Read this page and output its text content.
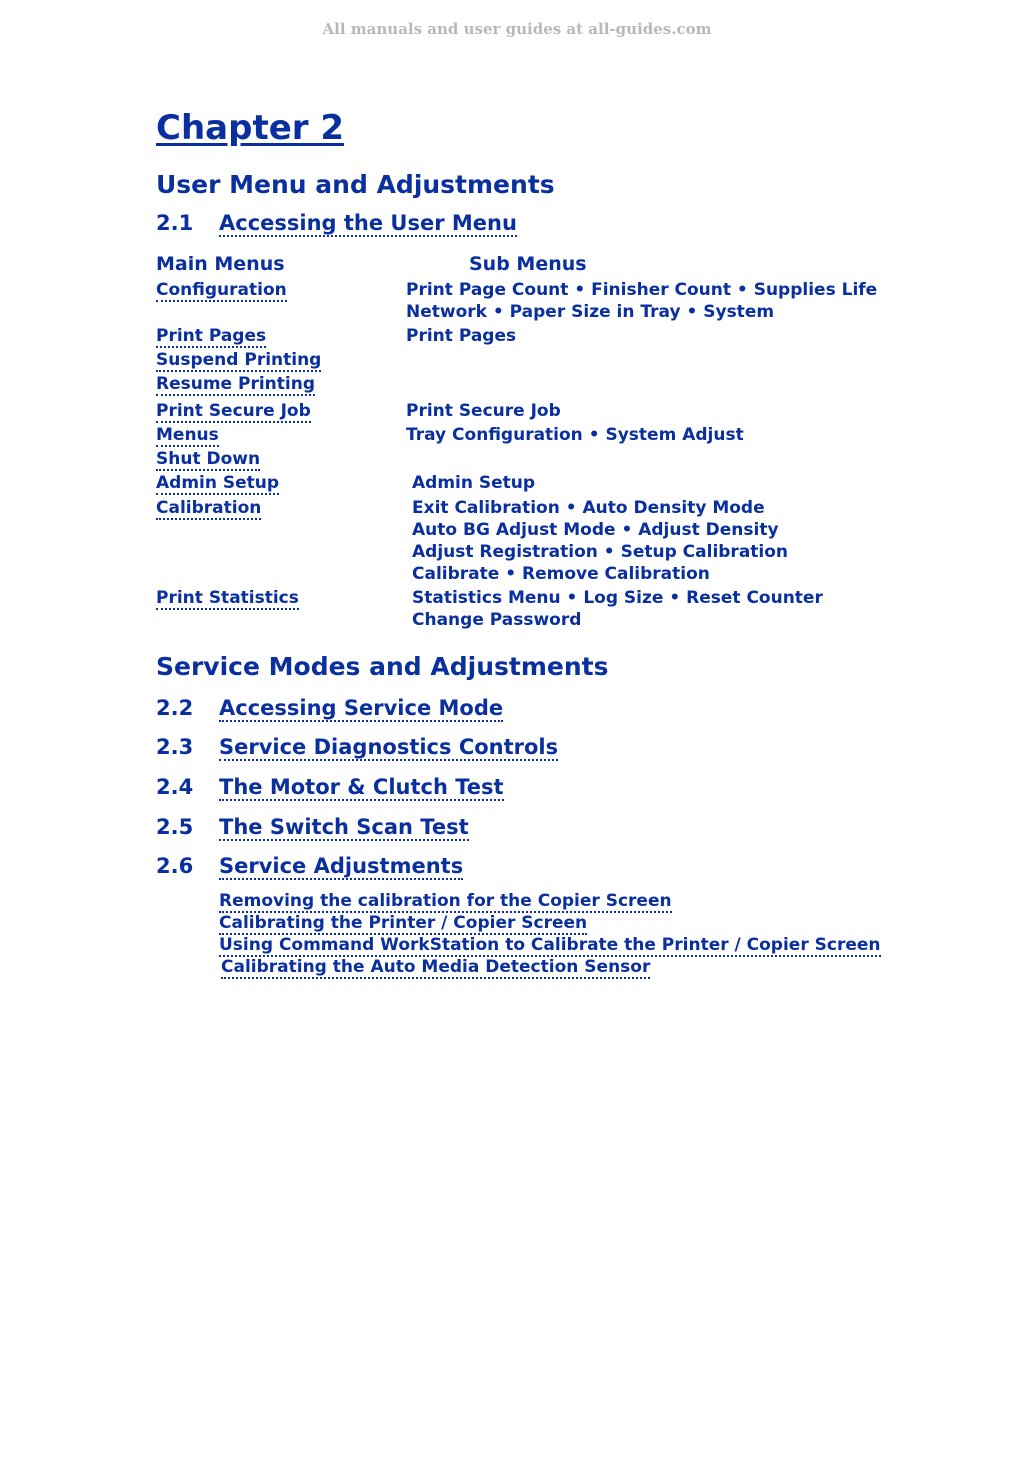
All manuals and user guides at all-guides.com
Chapter 2
User Menu and Adjustments
2.1 Accessing the User Menu
Main Menus	Sub Menus
Configuration	Print Page Count • Finisher Count • Supplies Life
Network • Paper Size in Tray • System
Print Pages	Print Pages
Suspend Printing
Resume Printing
Print Secure Job	Print Secure Job
Menus	Tray Configuration • System Adjust
Shut Down
Admin Setup	Admin Setup
Calibration	Exit Calibration • Auto Density Mode
Auto BG Adjust Mode • Adjust Density
Adjust Registration • Setup Calibration
Calibrate • Remove Calibration
Print Statistics	Statistics Menu • Log Size • Reset Counter
Change Password
Service Modes and Adjustments
2.2 Accessing Service Mode
2.3 Service Diagnostics Controls
2.4 The Motor & Clutch Test
2.5 The Switch Scan Test
2.6 Service Adjustments
Removing the calibration for the Copier Screen
Calibrating the Printer / Copier Screen
Using Command WorkStation to Calibrate the Printer / Copier Screen
Calibrating the Auto Media Detection Sensor
